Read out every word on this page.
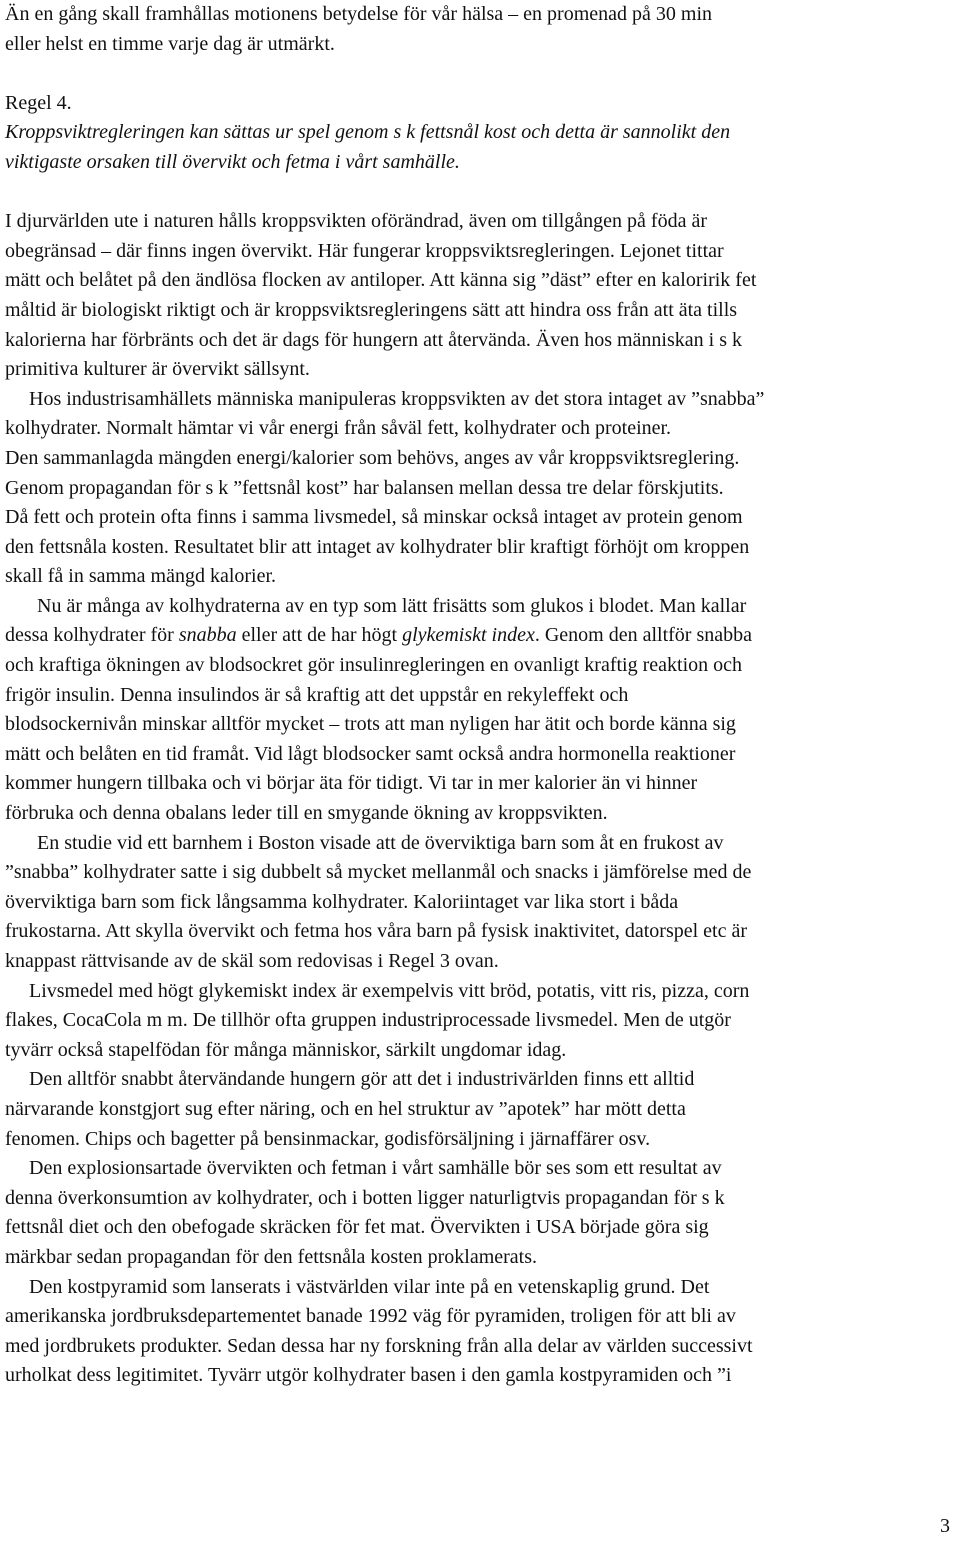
Än en gång skall framhållas motionens betydelse för vår hälsa – en promenad på 30 min
eller helst en timme varje dag är utmärkt.
Regel 4.
Kroppsviktregleringen kan sättas ur spel genom s k fettsnål kost och detta är sannolikt den
viktigaste orsaken till övervikt och fetma i vårt samhälle.
I djurvärlden ute i naturen hålls kroppsvikten oförändrad, även om tillgången på föda är
obegränsad – där finns ingen övervikt. Här fungerar kroppsviktsregleringen. Lejonet tittar
mätt och belåtet på den ändlösa flocken av antiloper. Att känna sig ”däst” efter en kaloririk fet
måltid är biologiskt riktigt och är kroppsviktsregleringens sätt att hindra oss från att äta tills
kalorierna har förbränts och det är dags för hungern att återvända. Även hos människan i s k
primitiva kulturer är övervikt sällsynt.
Hos industrisamhällets människa manipuleras kroppsvikten av det stora intaget av ”snabba”
kolhydrater. Normalt hämtar vi vår energi från såväl fett, kolhydrater och proteiner.
Den sammanlagda mängden energi/kalorier som behövs, anges av vår kroppsviktsreglering.
Genom propagandan för s k ”fettsnål kost” har balansen mellan dessa tre delar förskjutits.
Då fett och protein ofta finns i samma livsmedel, så minskar också intaget av protein genom
den fettsnåla kosten. Resultatet blir att intaget av kolhydrater blir kraftigt förhöjt om kroppen
skall få in samma mängd kalorier.
Nu är många av kolhydraterna av en typ som lätt frisätts som glukos i blodet. Man kallar
dessa kolhydrater för snabba eller att de har högt glykemiskt index. Genom den alltför snabba
och kraftiga ökningen av blodsockret gör insulinregleringen en ovanligt kraftig reaktion och
frigör insulin. Denna insulindos är så kraftig att det uppstår en rekyleffekt och
blodsockernivån minskar alltför mycket – trots att man nyligen har ätit och borde känna sig
mätt och belåten en tid framåt. Vid lågt blodsocker samt också andra hormonella reaktioner
kommer hungern tillbaka och vi börjar äta för tidigt. Vi tar in mer kalorier än vi hinner
förbruka och denna obalans leder till en smygande ökning av kroppsvikten.
En studie vid ett barnhem i Boston visade att de överviktiga barn som åt en frukost av
”snabba” kolhydrater satte i sig dubbelt så mycket mellanmål och snacks i jämförelse med de
överviktiga barn som fick långsamma kolhydrater. Kaloriintaget var lika stort i båda
frukostarna. Att skylla övervikt och fetma hos våra barn på fysisk inaktivitet, datorspel etc är
knappast rättvisande av de skäl som redovisas i Regel 3 ovan.
Livsmedel med högt glykemiskt index är exempelvis vitt bröd, potatis, vitt ris, pizza, corn
flakes, CocaCola m m. De tillhör ofta gruppen industriprocessade livsmedel. Men de utgör
tyvärr också stapelfödan för många människor, särkilt ungdomar idag.
Den alltför snabbt återvändande hungern gör att det i industrivärlden finns ett alltid
närvarande konstgjort sug efter näring, och en hel struktur av ”apotek” har mött detta
fenomen. Chips och bagetter på bensinmackar, godisförsäljning i järnaffärer osv.
Den explosionsartade övervikten och fetman i vårt samhälle bör ses som ett resultat av
denna överkonsumtion av kolhydrater, och i botten ligger naturligtvis propagandan för s k
fettsnål diet och den obefogade skräcken för fet mat. Övervikten i USA började göra sig
märkbar sedan propagandan för den fettsnåla kosten proklamerats.
Den kostpyramid som lanserats i västvärlden vilar inte på en vetenskaplig grund. Det
amerikanska jordbruksdepartementet banade 1992 väg för pyramiden, troligen för att bli av
med jordbrukets produkter. Sedan dessa har ny forskning från alla delar av världen successivt
urholkat dess legitimitet. Tyvärr utgör kolhydrater basen i den gamla kostpyramiden och ”i
3
